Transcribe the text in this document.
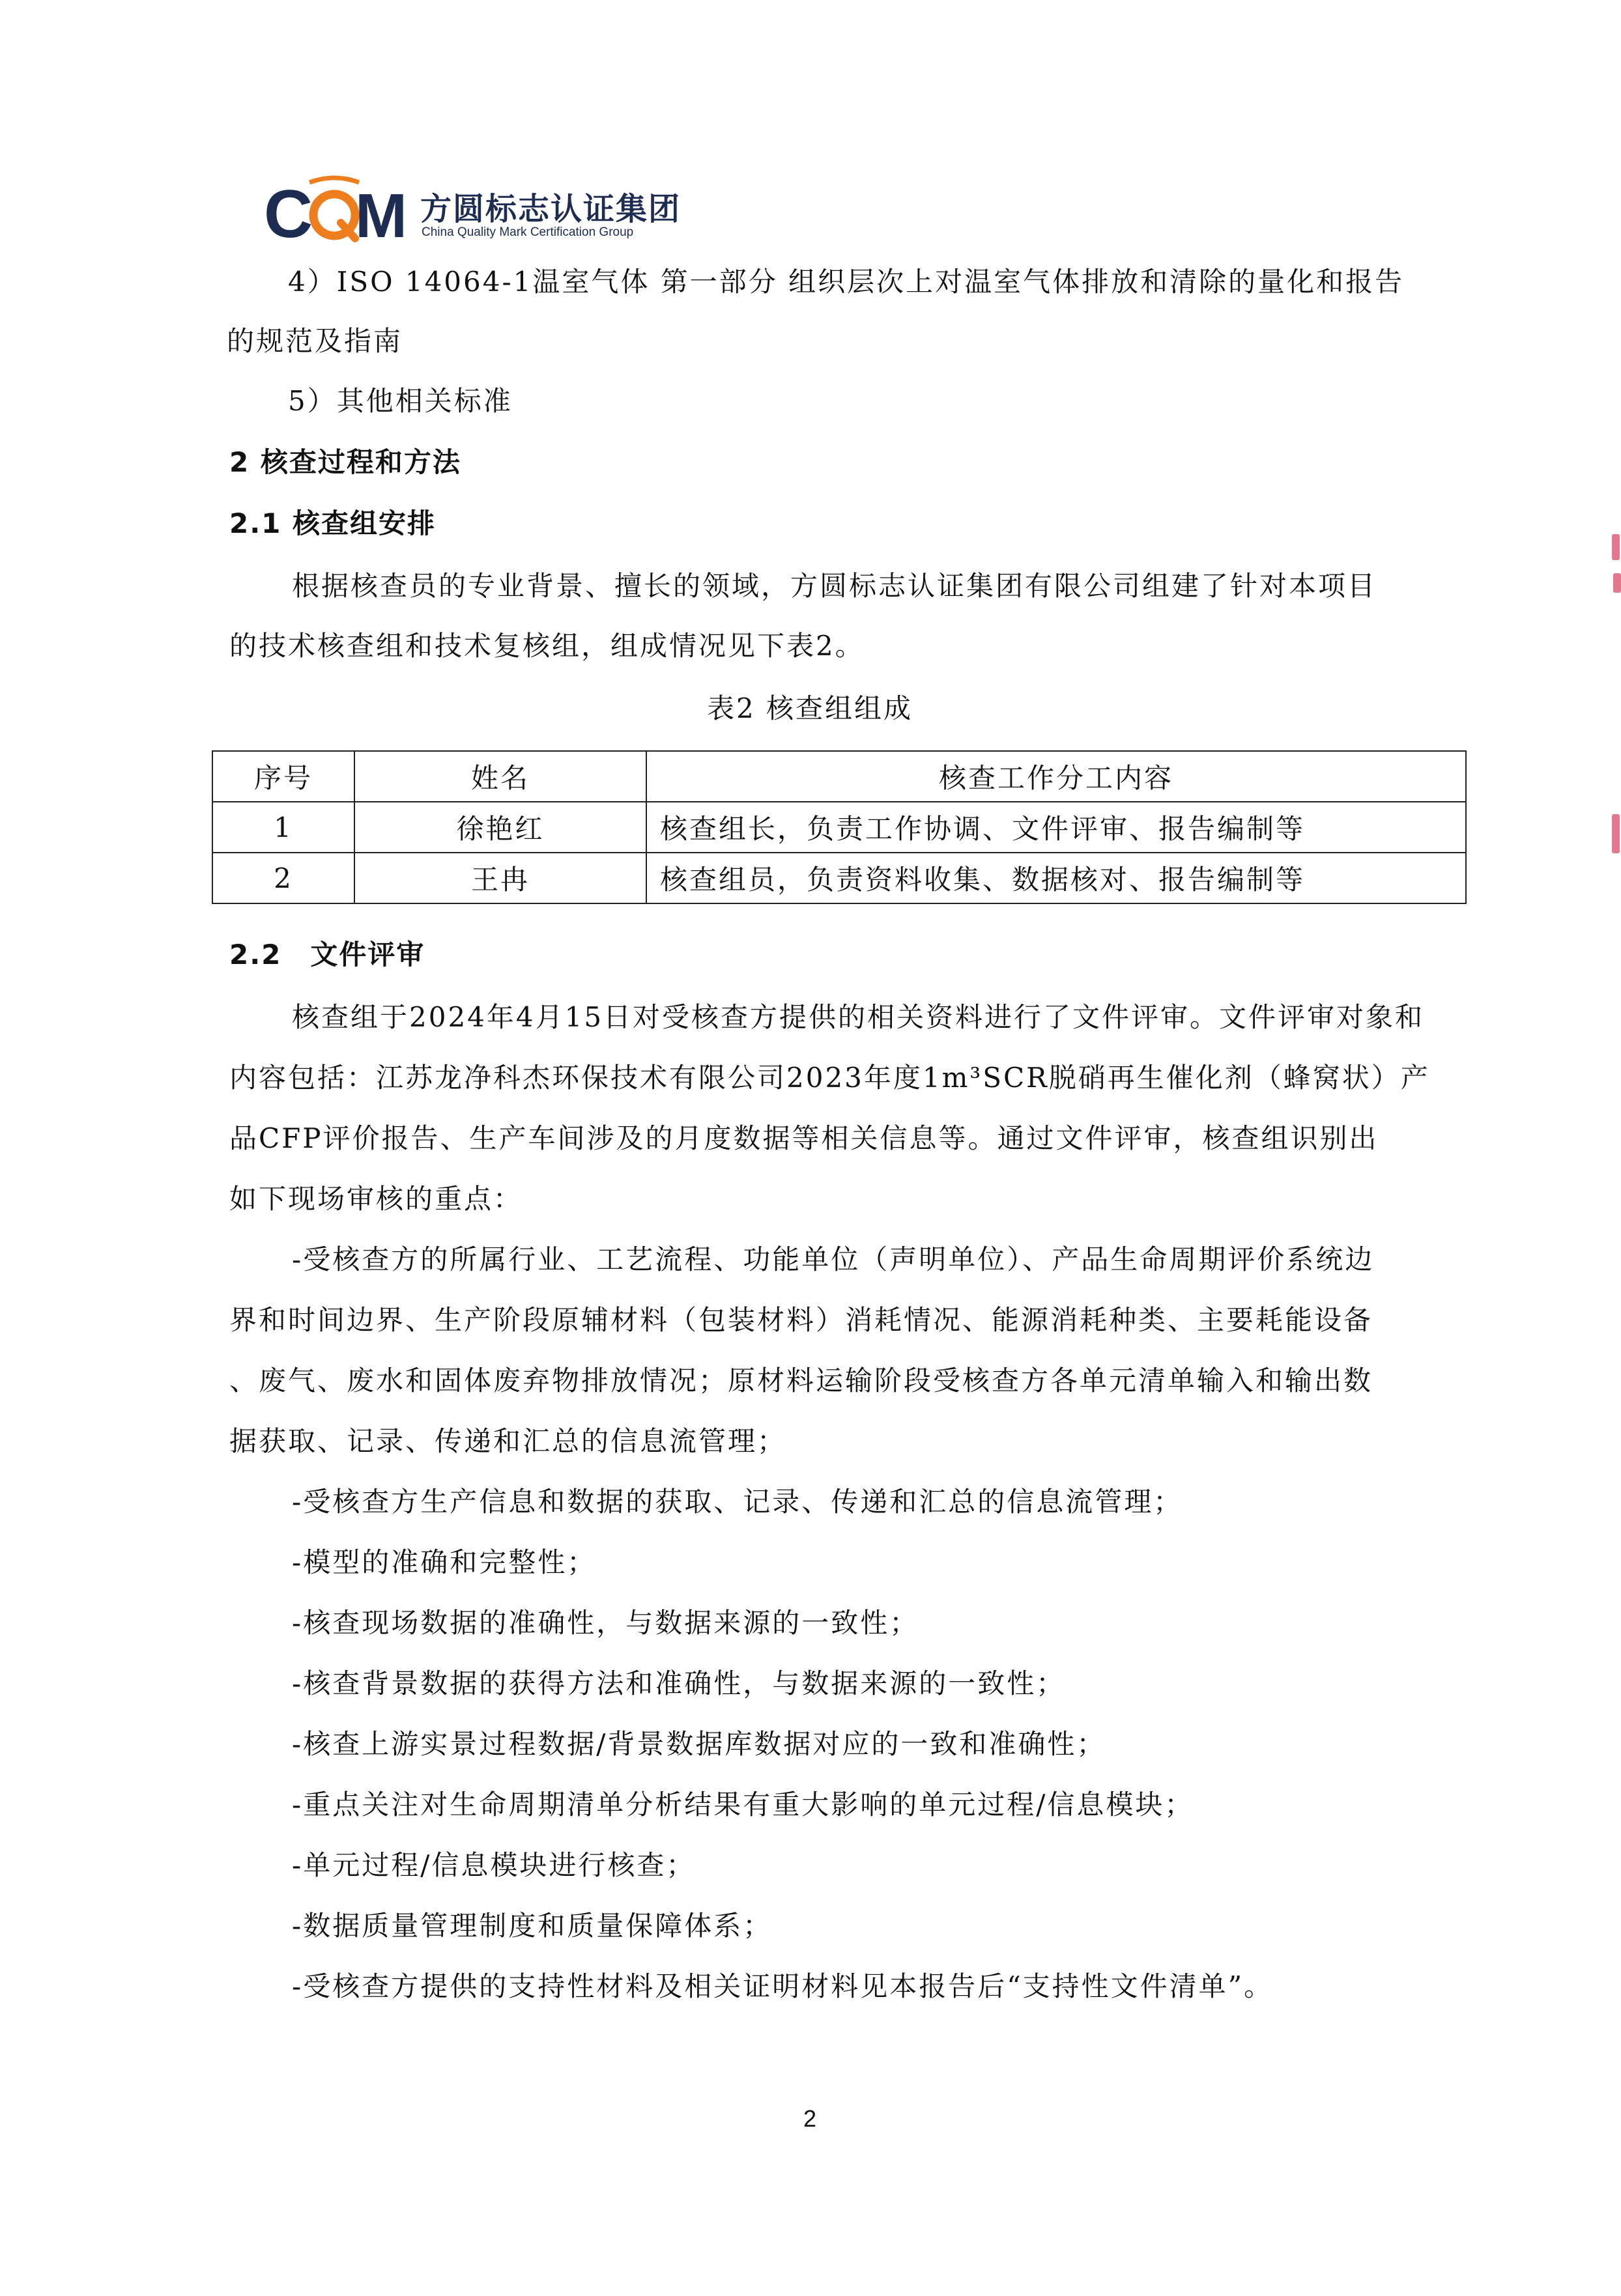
C M 方圆标志认证集团
China Quality Mark Certification Group
4）ISO 14064-1温室气体 第一部分 组织层次上对温室气体排放和清除的量化和报告
的规范及指南
5）其他相关标准
2 核查过程和方法
2.1 核查组安排
根据核查员的专业背景、擅长的领域，方圆标志认证集团有限公司组建了针对本项目
的技术核查组和技术复核组，组成情况见下表2。
表2 核查组组成
序号	姓名	核查工作分工内容
1	徐艳红	核查组长，负责工作协调、文件评审、报告编制等
2	王冉	核查组员，负责资料收集、数据核对、报告编制等
2.2　文件评审
核查组于2024年4月15日对受核查方提供的相关资料进行了文件评审。文件评审对象和
内容包括：江苏龙净科杰环保技术有限公司2023年度1m³SCR脱硝再生催化剂（蜂窝状）产
品CFP评价报告、生产车间涉及的月度数据等相关信息等。通过文件评审，核查组识别出
如下现场审核的重点：
-受核查方的所属行业、工艺流程、功能单位（声明单位）、产品生命周期评价系统边
界和时间边界、生产阶段原辅材料（包装材料）消耗情况、能源消耗种类、主要耗能设备
、废气、废水和固体废弃物排放情况；原材料运输阶段受核查方各单元清单输入和输出数
据获取、记录、传递和汇总的信息流管理；
-受核查方生产信息和数据的获取、记录、传递和汇总的信息流管理；
-模型的准确和完整性；
-核查现场数据的准确性，与数据来源的一致性；
-核查背景数据的获得方法和准确性，与数据来源的一致性；
-核查上游实景过程数据/背景数据库数据对应的一致和准确性；
-重点关注对生命周期清单分析结果有重大影响的单元过程/信息模块；
-单元过程/信息模块进行核查；
-数据质量管理制度和质量保障体系；
-受核查方提供的支持性材料及相关证明材料见本报告后“支持性文件清单”。
2
